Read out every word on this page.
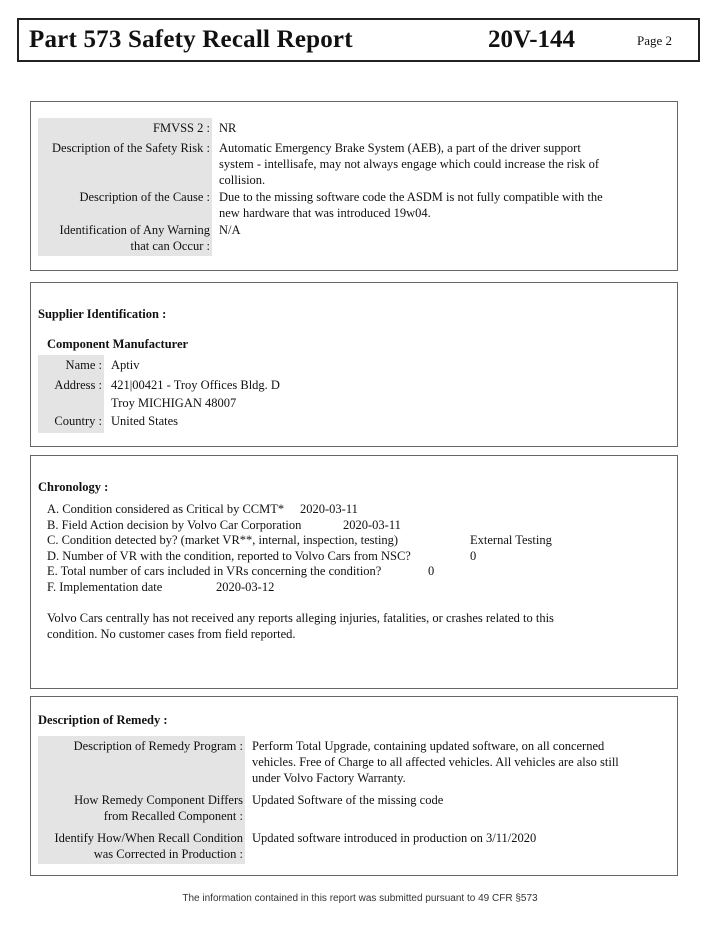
Part 573 Safety Recall Report	20V-144	Page 2
FMVSS 2 : NR
Description of the Safety Risk : Automatic Emergency Brake System (AEB), a part of the driver support
system - intellisafe, may not always engage which could increase the risk of
collision.
Description of the Cause : Due to the missing software code the ASDM is not fully compatible with the
new hardware that was introduced 19w04.
Identification of Any Warning
that can Occur :
N/A
Supplier Identification :
Component Manufacturer
Name : Aptiv
Address : 421|00421 - Troy Offices Bldg. D
Troy MICHIGAN 48007
Country : United States
Chronology :
A. Condition considered as Critical by CCMT* 2020-03-11
B. Field Action decision by Volvo Car Corporation	2020-03-11
C. Condition detected by? (market VR**, internal, inspection, testing)	External Testing
D. Number of VR with the condition, reported to Volvo Cars from NSC?	0
E. Total number of cars included in VRs concerning the condition?	0
F. Implementation date	2020-03-12
Volvo Cars centrally has not received any reports alleging injuries, fatalities, or crashes related to this
condition. No customer cases from field reported.
Description of Remedy :
Description of Remedy Program : Perform Total Upgrade, containing updated software, on all concerned
vehicles. Free of Charge to all affected vehicles. All vehicles are also still
under Volvo Factory Warranty.
How Remedy Component Differs
from Recalled Component :
Updated Software of the missing code
Identify How/When Recall Condition
was Corrected in Production :
Updated software introduced in production on 3/11/2020
The information contained in this report was submitted pursuant to 49 CFR §573
